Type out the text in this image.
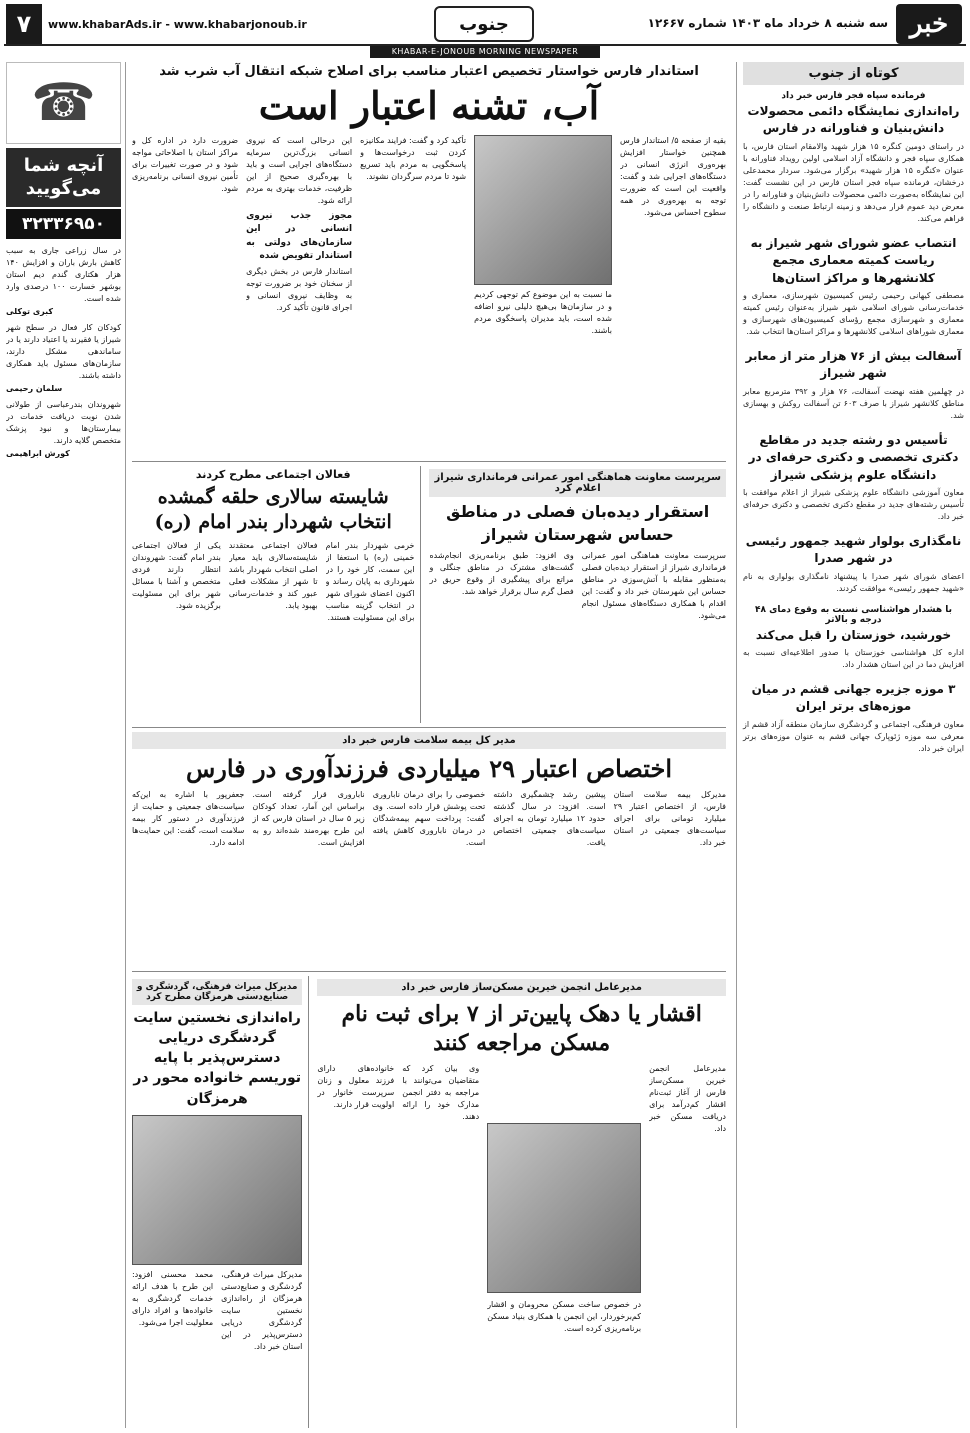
خبر
سه شنبه ۸ خرداد ماه ۱۴۰۳ شماره ۱۲۶۶۷
جنوب
www.khabarAds.ir - www.khabarjonoub.ir
۷
KHABAR-E-JONOUB MORNING NEWSPAPER
کوتاه از جنوب
فرمانده سپاه فجر فارس خبر داد
راه‌اندازی نمایشگاه دائمی محصولات دانش‌بنیان و فناورانه در فارس

در راستای دومین کنگره ۱۵ هزار شهید والامقام استان فارس، با همکاری سپاه فجر و دانشگاه آزاد اسلامی اولین رویداد فناورانه با عنوان «کنگره ۱۵ هزار شهید» برگزار می‌شود. سردار محمدعلی درخشان، فرمانده سپاه فجر استان فارس در این نشست گفت: این نمایشگاه به‌صورت دائمی محصولات دانش‌بنیان و فناورانه را در معرض دید عموم قرار می‌دهد و زمینه ارتباط صنعت و دانشگاه را فراهم می‌کند.

انتصاب عضو شورای شهر شیراز به ریاست کمیته معماری مجمع کلانشهرها و مراکز استان‌ها

مصطفی کیهانی رحیمی رئیس کمیسیون شهرسازی، معماری و خدمات‌رسانی شورای اسلامی شهر شیراز به‌عنوان رئیس کمیته معماری و شهرسازی مجمع رؤسای کمیسیون‌های شهرسازی و معماری شوراهای اسلامی کلانشهرها و مراکز استان‌ها انتخاب شد.

آسفالت بیش از ۷۶ هزار متر از معابر شهر شیراز

در چهلمین هفته نهضت آسفالت، ۷۶ هزار و ۳۹۲ مترمربع معابر مناطق کلانشهر شیراز با صرف ۶۰۳ تن آسفالت روکش و بهسازی شد.

تأسیس دو رشته جدید در مقاطع دکتری تخصصی و دکتری حرفه‌ای در دانشگاه علوم پزشکی شیراز

معاون آموزشی دانشگاه علوم پزشکی شیراز از اعلام موافقت با تأسیس رشته‌های جدید در مقطع دکتری تخصصی و دکتری حرفه‌ای خبر داد.

نامگذاری بولوار شهید جمهور رئیسی در شهر صدرا

اعضای شورای شهر صدرا با پیشنهاد نامگذاری بولواری به نام «شهید جمهور رئیسی» موافقت کردند.

با هشدار هواشناسی نسبت به وقوع دمای ۴۸ درجه و بالاتر
خورشید، خوزستان را قبل می‌کند

اداره کل هواشناسی خوزستان با صدور اطلاعیه‌ای نسبت به افزایش دما در این استان هشدار داد.

۳ موزه جزیره جهانی قشم در میان موزه‌های برتر ایران

معاون فرهنگی، اجتماعی و گردشگری سازمان منطقه آزاد قشم از معرفی سه موزه ژئوپارک جهانی قشم به عنوان موزه‌های برتر ایران خبر داد.

☎
آنچه شما
می‌گویید
۳۲۳۳۶۹۵۰

در سال زراعی جاری به سبب کاهش بارش باران و افزایش ۱۴۰ هزار هکتاری گندم دیم استان بوشهر خسارت ۱۰۰ درصدی وارد شده است.

کبری توکلی

کودکان کار فعال در سطح شهر شیراز یا فقیرند یا اعتیاد دارند یا در ساماندهی مشکل دارند، سازمان‌های مسئول باید همکاری داشته باشند.

سلمان رحیمی

شهروندان بندرعباسی از طولانی شدن نوبت دریافت خدمات در بیمارستان‌ها و نبود پزشک متخصص گلایه دارند.

کورش ابراهیمی
استاندار فارس خواستار تخصیص اعتبار مناسب برای اصلاح شبکه انتقال آب شرب شد
آب، تشنه اعتبار است
بقیه از صفحه ۵/ استاندار فارس همچنین خواستار افزایش بهره‌وری انرژی انسانی در دستگاه‌های اجرایی شد و گفت: واقعیت این است که ضرورت توجه به بهره‌وری در همه سطوح احساس می‌شود.

ما نسبت به این موضوع کم توجهی کردیم و در سازمان‌ها بی‌هیچ دلیلی نیرو اضافه شده است، باید مدیران پاسخگوی مردم باشند.

تأکید کرد و گفت: فرایند مکانیزه کردن ثبت درخواست‌ها و پاسخگویی به مردم باید تسریع شود تا مردم سرگردان نشوند.

این درحالی است که نیروی انسانی بزرگ‌ترین سرمایه دستگاه‌های اجرایی است و باید با بهره‌گیری صحیح از این ظرفیت، خدمات بهتری به مردم ارائه شود.

مجوز جذب نیروی انسانی در این سازمان‌های دولتی به استاندار تفویض شده

استاندار فارس در بخش دیگری از سخنان خود بر ضرورت توجه به وظایف نیروی انسانی و اجرای قانون تأکید کرد.

ضرورت دارد در اداره کل و مراکز استان با اصلاحاتی مواجه شود و در صورت تغییرات برای تأمین نیروی انسانی برنامه‌ریزی شود.
سرپرست معاونت هماهنگی امور عمرانی فرمانداری شیراز اعلام کرد
استقرار دیده‌بان فصلی در مناطق حساس شهرستان شیراز
سرپرست معاونت هماهنگی امور عمرانی فرمانداری شیراز از استقرار دیده‌بان فصلی به‌منظور مقابله با آتش‌سوزی در مناطق حساس این شهرستان خبر داد و گفت: این اقدام با همکاری دستگاه‌های مسئول انجام می‌شود.
وی افزود: طبق برنامه‌ریزی انجام‌شده گشت‌های مشترک در مناطق جنگلی و مراتع برای پیشگیری از وقوع حریق در فصل گرم سال برقرار خواهد شد.
فعالان اجتماعی مطرح کردند
شایسته سالاری حلقه گمشده انتخاب شهردار بندر امام (ره)
خرمی شهردار بندر امام خمینی (ره) با استعفا از این سمت، کار خود را در شهرداری به پایان رساند و اکنون اعضای شورای شهر در انتخاب گزینه مناسب برای این مسئولیت هستند.
فعالان اجتماعی معتقدند شایسته‌سالاری باید معیار اصلی انتخاب شهردار باشد تا شهر از مشکلات فعلی عبور کند و خدمات‌رسانی بهبود یابد.
یکی از فعالان اجتماعی بندر امام گفت: شهروندان انتظار دارند فردی متخصص و آشنا با مسائل شهر برای این مسئولیت برگزیده شود.
مدیر کل بیمه سلامت فارس خبر داد
اختصاص اعتبار ۲۹ میلیاردی فرزندآوری در فارس
مدیرکل بیمه سلامت استان فارس، از اختصاص اعتبار ۲۹ میلیارد تومانی برای اجرای سیاست‌های جمعیتی در استان خبر داد.
پیشین رشد چشمگیری داشته است. افزود: در سال گذشته حدود ۱۲ میلیارد تومان به اجرای سیاست‌های جمعیتی اختصاص یافت.
خصوصی را برای درمان ناباروری تحت پوشش قرار داده است. وی گفت: پرداخت سهم بیمه‌شدگان در درمان ناباروری کاهش یافته است.
ناباروری قرار گرفته است. براساس این آمار، تعداد کودکان زیر ۵ سال در استان فارس که از این طرح بهره‌مند شده‌اند رو به افزایش است.
جعفرپور با اشاره به این‌که سیاست‌های جمعیتی و حمایت از فرزندآوری در دستور کار بیمه سلامت است، گفت: این حمایت‌ها ادامه دارد.
مدیرعامل انجمن خیرین مسکن‌ساز فارس خبر داد
اقشار یا دهک پایین‌تر از ۷ برای ثبت نام مسکن مراجعه کنند
مدیرعامل انجمن خیرین مسکن‌ساز فارس از آغاز ثبت‌نام اقشار کم‌درآمد برای دریافت مسکن خبر داد.

در خصوص ساخت مسکن محرومان و اقشار کم‌برخوردار، این انجمن با همکاری بنیاد مسکن برنامه‌ریزی کرده است.

وی بیان کرد که متقاضیان می‌توانند با مراجعه به دفتر انجمن مدارک خود را ارائه دهند.
خانواده‌های دارای فرزند معلول و زنان سرپرست خانوار در اولویت قرار دارند.
مدیرکل میراث فرهنگی، گردشگری و صنایع‌دستی هرمزگان مطرح کرد
راه‌اندازی نخستین سایت گردشگری دریایی دسترس‌پذیر با پایه توریسم خانواده محور در هرمزگان
مدیرکل میراث فرهنگی، گردشگری و صنایع‌دستی هرمزگان از راه‌اندازی نخستین سایت گردشگری دریایی دسترس‌پذیر در این استان خبر داد.
محمد محسنی افزود: این طرح با هدف ارائه خدمات گردشگری به خانواده‌ها و افراد دارای معلولیت اجرا می‌شود.
